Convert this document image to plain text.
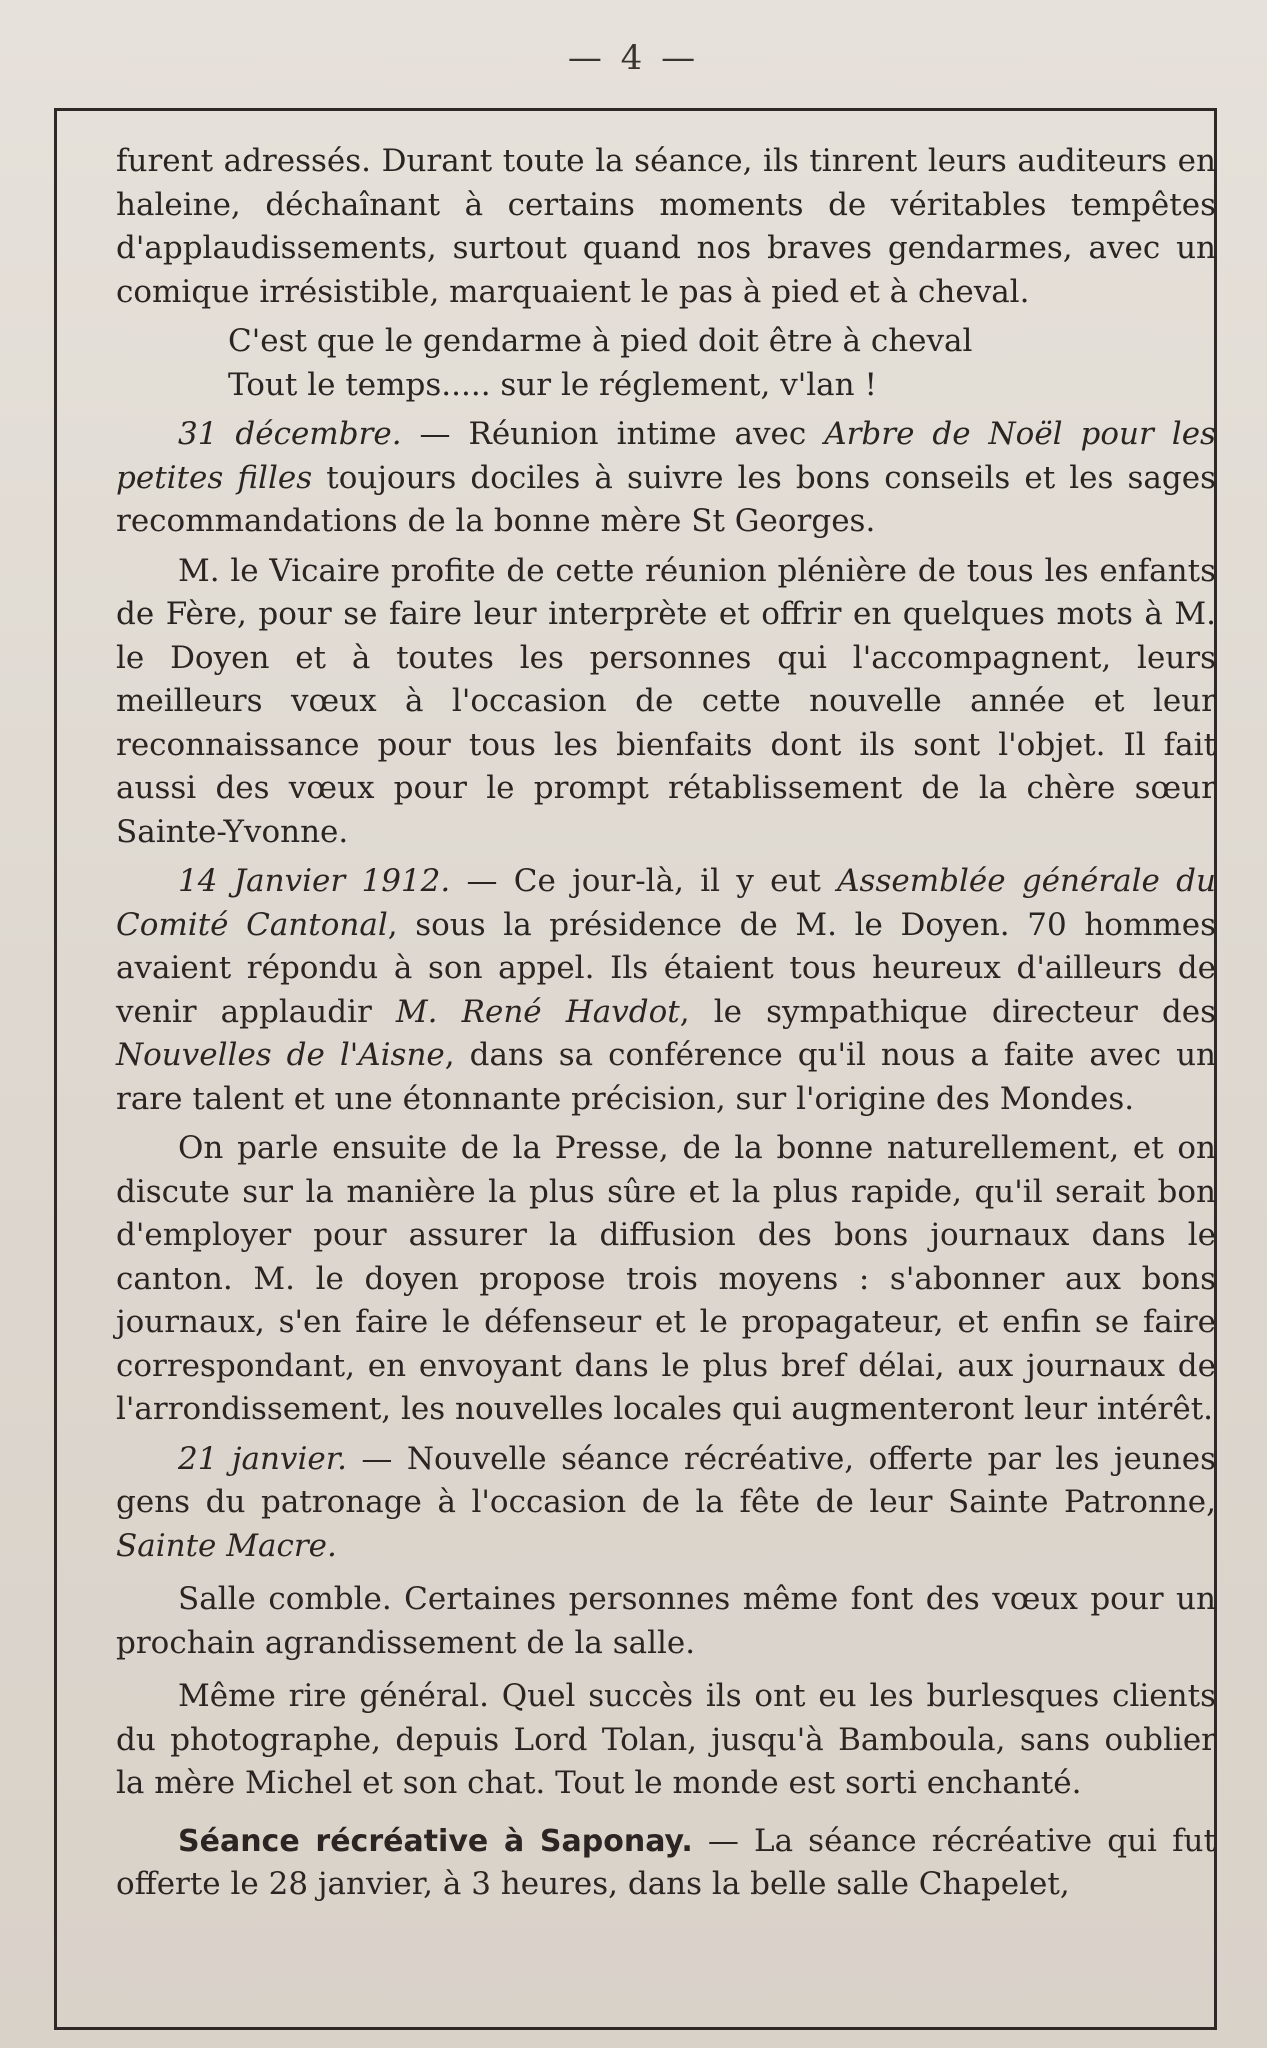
— 4 —

furent adressés. Durant toute la séance, ils tinrent leurs auditeurs en haleine, déchaînant à certains moments de véritables tempêtes d'applaudissements, surtout quand nos braves gendarmes, avec un comique irrésistible, marquaient le pas à pied et à cheval.

C'est que le gendarme à pied doit être à cheval
Tout le temps..... sur le réglement, v'lan !

31 décembre. — Réunion intime avec Arbre de Noël pour les petites filles toujours dociles à suivre les bons conseils et les sages recommandations de la bonne mère St Georges.

M. le Vicaire profite de cette réunion plénière de tous les enfants de Fère, pour se faire leur interprète et offrir en quelques mots à M. le Doyen et à toutes les personnes qui l'accompagnent, leurs meilleurs vœux à l'occasion de cette nouvelle année et leur reconnaissance pour tous les bienfaits dont ils sont l'objet. Il fait aussi des vœux pour le prompt rétablissement de la chère sœur Sainte-Yvonne.

14 Janvier 1912. — Ce jour-là, il y eut Assemblée générale du Comité Cantonal, sous la présidence de M. le Doyen. 70 hommes avaient répondu à son appel. Ils étaient tous heureux d'ailleurs de venir applaudir M. René Havdot, le sympathique directeur des Nouvelles de l'Aisne, dans sa conférence qu'il nous a faite avec un rare talent et une étonnante précision, sur l'origine des Mondes.

On parle ensuite de la Presse, de la bonne naturellement, et on discute sur la manière la plus sûre et la plus rapide, qu'il serait bon d'employer pour assurer la diffusion des bons journaux dans le canton. M. le doyen propose trois moyens : s'abonner aux bons journaux, s'en faire le défenseur et le propagateur, et enfin se faire correspondant, en envoyant dans le plus bref délai, aux journaux de l'arrondissement, les nouvelles locales qui augmenteront leur intérêt.

21 janvier. — Nouvelle séance récréative, offerte par les jeunes gens du patronage à l'occasion de la fête de leur Sainte Patronne, Sainte Macre.

Salle comble. Certaines personnes même font des vœux pour un prochain agrandissement de la salle.

Même rire général. Quel succès ils ont eu les burlesques clients du photographe, depuis Lord Tolan, jusqu'à Bamboula, sans oublier la mère Michel et son chat. Tout le monde est sorti enchanté.

Séance récréative à Saponay. — La séance récréative qui fut offerte le 28 janvier, à 3 heures, dans la belle salle Chapelet,
